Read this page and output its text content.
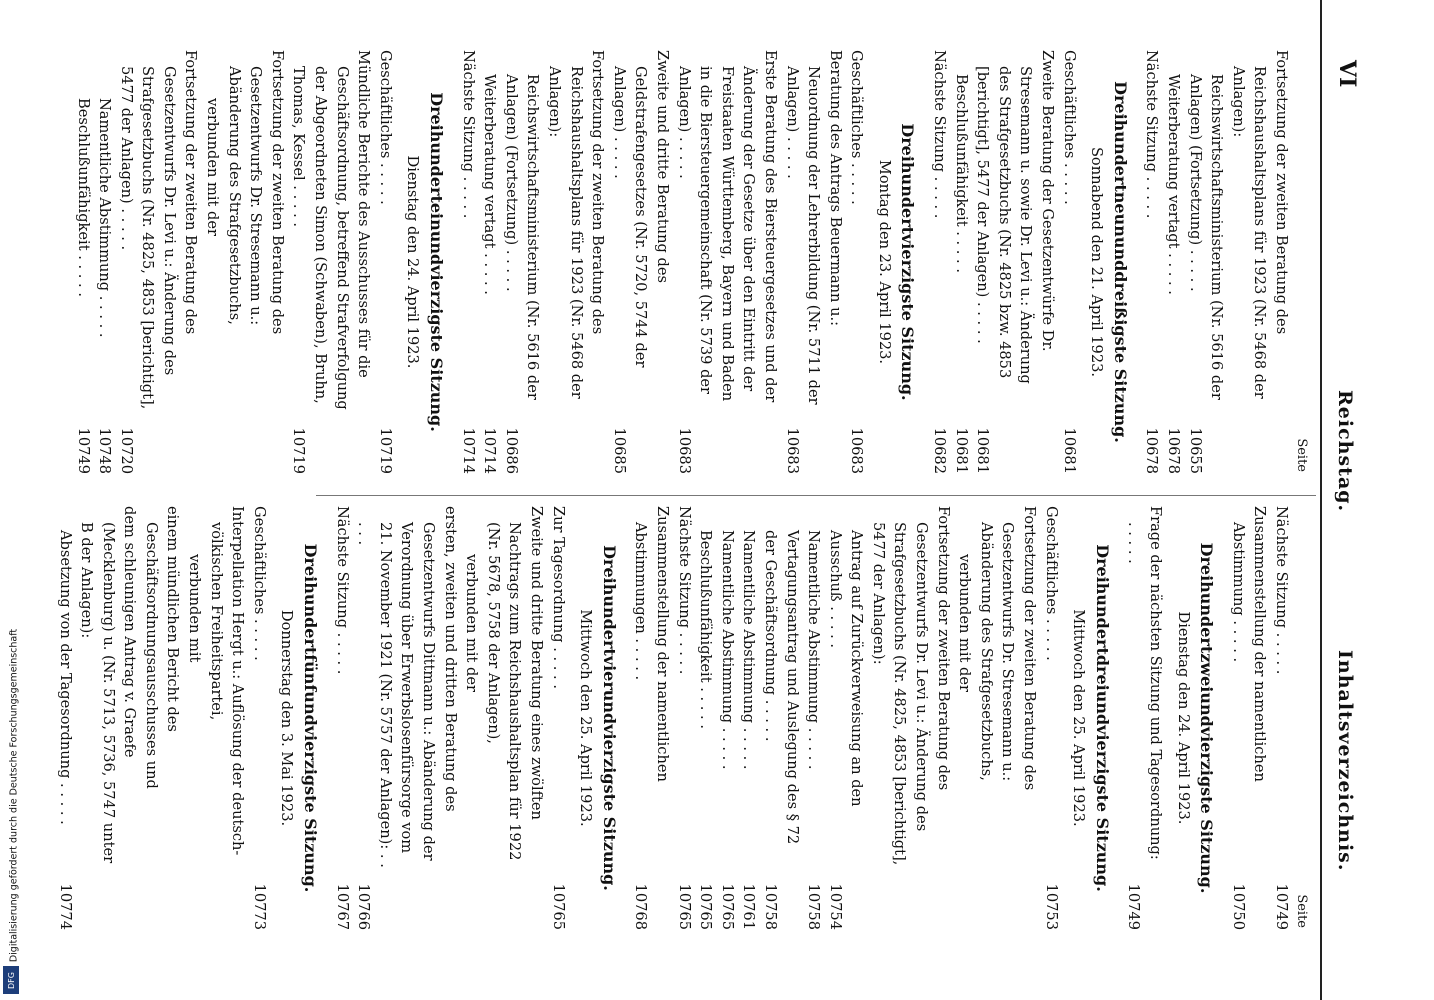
VI
Reichstag.
Inhaltsverzeichnis.
Seite
Fortsetzung der zweiten Beratung des Reichshaushaltsplans für 1923 (Nr. 5468 der Anlagen):
Reichswirtschaftsministerium (Nr. 5616 der Anlagen) (Fortsetzung) . . . . .
10655
Weiterberatung vertagt . . . . .
10678
Nächste Sitzung . . . . .
10678
Dreihundertneununddreißigste Sitzung.
Sonnabend den 21. April 1923.
Geschäftliches . . . . .
10681
Zweite Beratung der Gesetzentwürfe Dr. Stresemann u. sowie Dr. Levi u.: Änderung des Strafgesetzbuchs (Nr. 4825 bzw. 4853 [berichtigt], 5477 der Anlagen) . . . . .
10681
Beschlußunfähigkeit . . . . .
10681
Nächste Sitzung . . . . .
10682
Dreihundertvierzigste Sitzung.
Montag den 23. April 1923.
Geschäftliches . . . . .
10683
Beratung des Antrags Beuermann u.: Neuordnung der Lehrerbildung (Nr. 5711 der Anlagen) . . . . .
10683
Erste Beratung des Biersteuergesetzes und der Änderung der Gesetze über den Eintritt der Freistaaten Württemberg, Bayern und Baden in die Biersteuergemeinschaft (Nr. 5739 der Anlagen) . . . . .
10683
Zweite und dritte Beratung des Geldstrafengesetzes (Nr. 5720, 5744 der Anlagen) . . . . .
10685
Fortsetzung der zweiten Beratung des Reichshaushaltsplans für 1923 (Nr. 5468 der Anlagen):
Reichswirtschaftsministerium (Nr. 5616 der Anlagen) (Fortsetzung) . . . . .
10686
Weiterberatung vertagt . . . . .
10714
Nächste Sitzung . . . . .
10714
Dreihunderteinundvierzigste Sitzung.
Dienstag den 24. April 1923.
Geschäftliches . . . . .
10719
Mündliche Berichte des Ausschusses für die Geschäftsordnung, betreffend Strafverfolgung der Abgeordneten Simon (Schwaben), Bruhn, Thomas, Kessel . . . . .
10719
Fortsetzung der zweiten Beratung des Gesetzentwurfs Dr. Stresemann u.: Abänderung des Strafgesetzbuchs,
verbunden mit der
Fortsetzung der zweiten Beratung des Gesetzentwurfs Dr. Levi u.: Änderung des Strafgesetzbuchs (Nr. 4825, 4853 [berichtigt], 5477 der Anlagen) . . . . .
10720
Namentliche Abstimmung . . . . .
10748
Beschlußunfähigkeit . . . . .
10749
Seite
Nächste Sitzung . . . . .
10749
Zusammenstellung der namentlichen Abstimmung . . . . .
10750
Dreihundertzweiundvierzigste Sitzung.
Dienstag den 24. April 1923.
Frage der nächsten Sitzung und Tagesordnung: . . . . .
10749
Dreihundertdreiundvierzigste Sitzung.
Mittwoch den 25. April 1923.
Geschäftliches . . . . .
10753
Fortsetzung der zweiten Beratung des Gesetzentwurfs Dr. Stresemann u.: Abänderung des Strafgesetzbuchs,
verbunden mit der
Fortsetzung der zweiten Beratung des Gesetzentwurfs Dr. Levi u.: Änderung des Strafgesetzbuchs (Nr. 4825, 4853 [berichtigt], 5477 der Anlagen):
Antrag auf Zurückverweisung an den Ausschuß . . . . .
10754
Namentliche Abstimmung . . . . .
10758
Vertagungsantrag und Auslegung des § 72 der Geschäftsordnung . . . . .
10758
Namentliche Abstimmung . . . . .
10761
Namentliche Abstimmung . . . . .
10765
Beschlußunfähigkeit . . . . .
10765
Nächste Sitzung . . . . .
10765
Zusammenstellung der namentlichen Abstimmungen . . . . .
10768
Dreihundertvierundvierzigste Sitzung.
Mittwoch den 25. April 1923.
Zur Tagesordnung . . . . .
10765
Zweite und dritte Beratung eines zwölften Nachtrags zum Reichshaushaltsplan für 1922 (Nr. 5678, 5758 der Anlagen),
verbunden mit der
ersten, zweiten und dritten Beratung des Gesetzentwurfs Dittmann u.: Abänderung der Verordnung über Erwerbslosenfürsorge vom 21. November 1921 (Nr. 5757 der Anlagen): . . . . .
10766
Nächste Sitzung . . . . .
10767
Dreihundertfünfundvierzigste Sitzung.
Donnerstag den 3. Mai 1923.
Geschäftliches . . . . .
10773
Interpellation Hergt u.: Auflösung der deutsch-völkischen Freiheitspartei,
verbunden mit
einem mündlichen Bericht des Geschäftsordnungsausschusses und
dem schleunigen Antrag v. Graefe (Mecklenburg) u. (Nr. 5713, 5736, 5747 unter B der Anlagen):
Absetzung von der Tagesordnung . . . . .
10774
Digitalisierung gefördert durch die Deutsche Forschungsgemeinschaft
DFG
